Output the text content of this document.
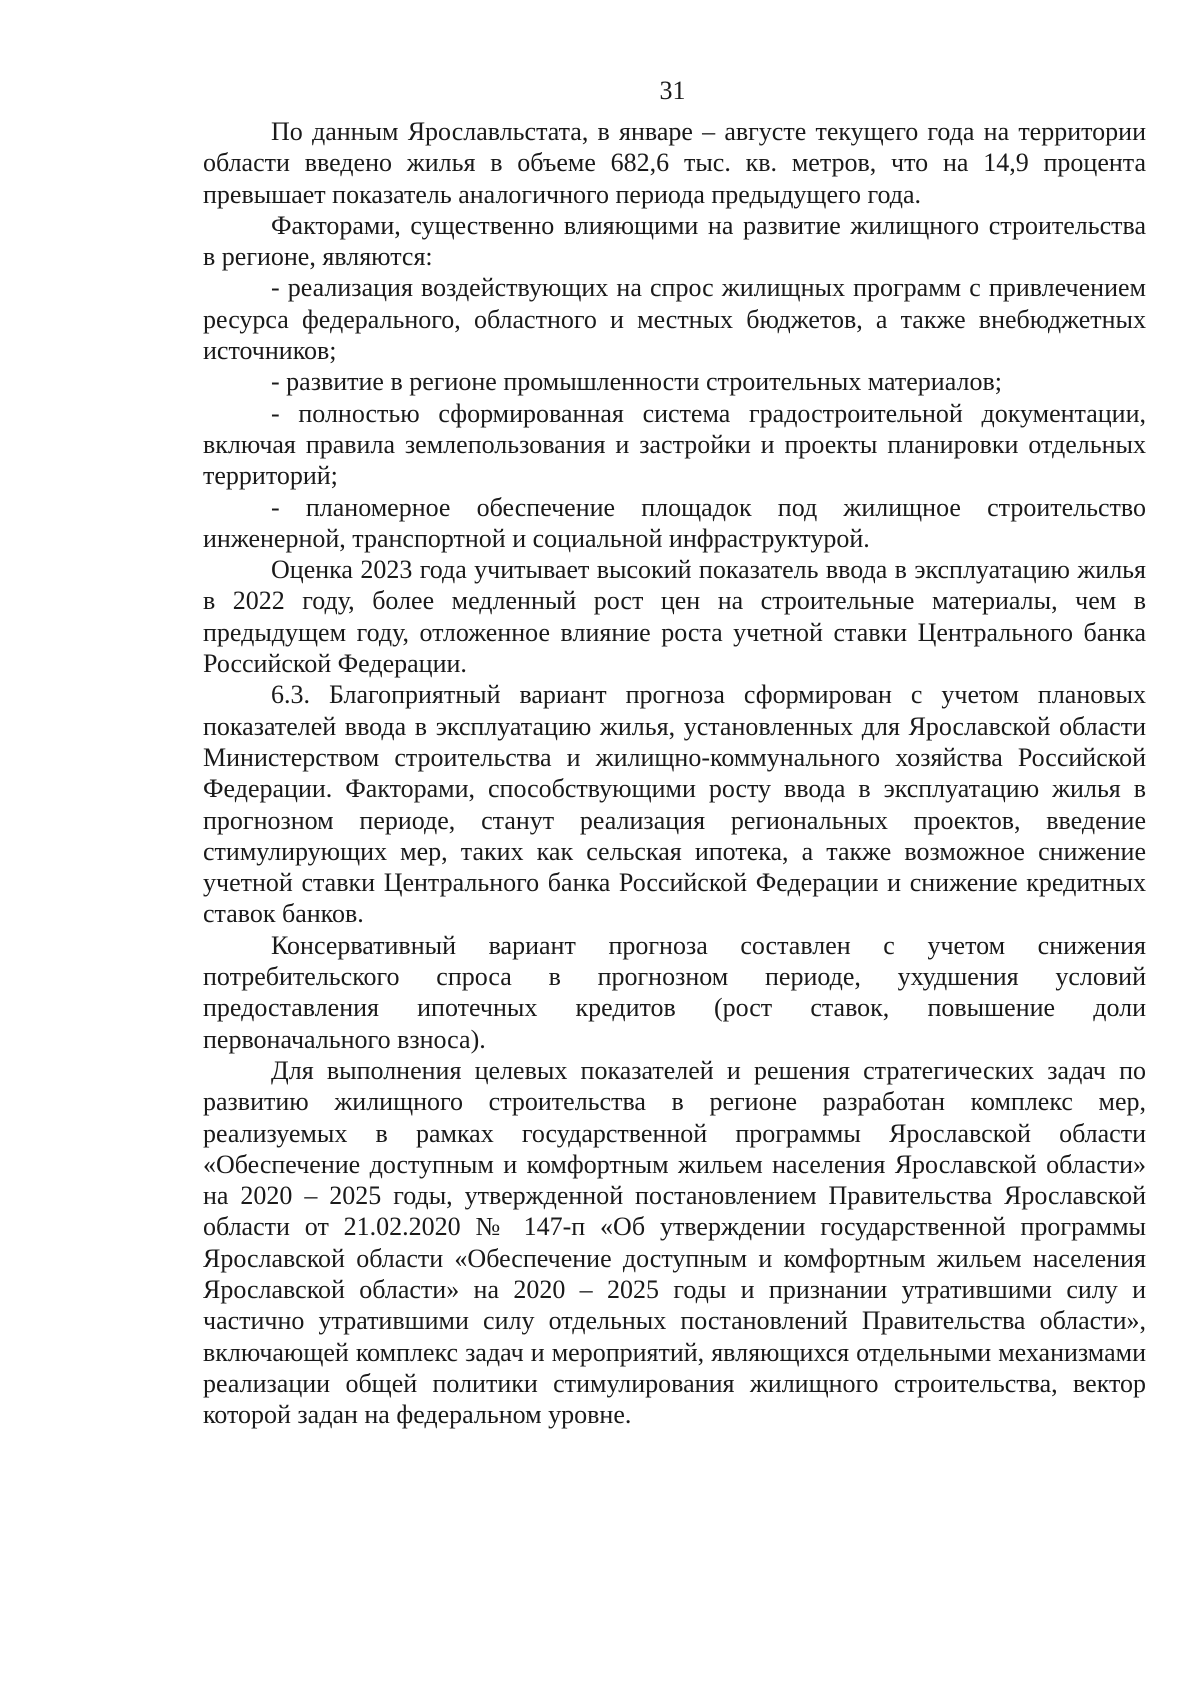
31

По данным Ярославльстата, в январе – августе текущего года на территории области введено жилья в объеме 682,6 тыс. кв. метров, что на 14,9 процента превышает показатель аналогичного периода предыдущего года.

Факторами, существенно влияющими на развитие жилищного строительства в регионе, являются:

- реализация воздействующих на спрос жилищных программ с привлечением ресурса федерального, областного и местных бюджетов, а также внебюджетных источников;

- развитие в регионе промышленности строительных материалов;

- полностью сформированная система градостроительной документации, включая правила землепользования и застройки и проекты планировки отдельных территорий;

- планомерное обеспечение площадок под жилищное строительство инженерной, транспортной и социальной инфраструктурой.

Оценка 2023 года учитывает высокий показатель ввода в эксплуатацию жилья в 2022 году, более медленный рост цен на строительные материалы, чем в предыдущем году, отложенное влияние роста учетной ставки Центрального банка Российской Федерации.

6.3. Благоприятный вариант прогноза сформирован с учетом плановых показателей ввода в эксплуатацию жилья, установленных для Ярославской области Министерством строительства и жилищно-коммунального хозяйства Российской Федерации. Факторами, способствующими росту ввода в эксплуатацию жилья в прогнозном периоде, станут реализация региональных проектов, введение стимулирующих мер, таких как сельская ипотека, а также возможное снижение учетной ставки Центрального банка Российской Федерации и снижение кредитных ставок банков.

Консервативный вариант прогноза составлен с учетом снижения потребительского спроса в прогнозном периоде, ухудшения условий предоставления ипотечных кредитов (рост ставок, повышение доли первоначального взноса).

Для выполнения целевых показателей и решения стратегических задач по развитию жилищного строительства в регионе разработан комплекс мер, реализуемых в рамках государственной программы Ярославской области «Обеспечение доступным и комфортным жильем населения Ярославской области» на 2020 – 2025 годы, утвержденной постановлением Правительства Ярославской области от 21.02.2020 № 147-п «Об утверждении государственной программы Ярославской области «Обеспечение доступным и комфортным жильем населения Ярославской области» на 2020 – 2025 годы и признании утратившими силу и частично утратившими силу отдельных постановлений Правительства области», включающей комплекс задач и мероприятий, являющихся отдельными механизмами реализации общей политики стимулирования жилищного строительства, вектор которой задан на федеральном уровне.
